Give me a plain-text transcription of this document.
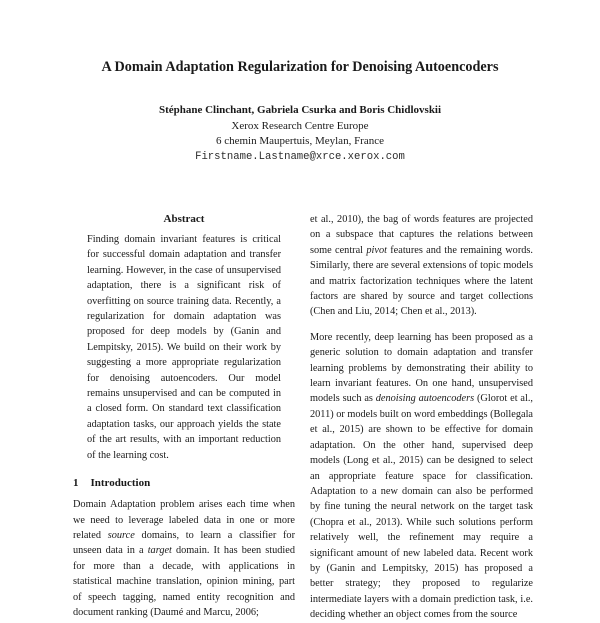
A Domain Adaptation Regularization for Denoising Autoencoders
Stéphane Clinchant, Gabriela Csurka and Boris Chidlovskii
Xerox Research Centre Europe
6 chemin Maupertuis, Meylan, France
Firstname.Lastname@xrce.xerox.com
Abstract

Finding domain invariant features is critical for successful domain adaptation and transfer learning. However, in the case of unsupervised adaptation, there is a significant risk of overfitting on source training data. Recently, a regularization for domain adaptation was proposed for deep models by (Ganin and Lempitsky, 2015). We build on their work by suggesting a more appropriate regularization for denoising autoencoders. Our model remains unsupervised and can be computed in a closed form. On standard text classification adaptation tasks, our approach yields the state of the art results, with an important reduction of the learning cost.

1 Introduction

Domain Adaptation problem arises each time when we need to leverage labeled data in one or more related source domains, to learn a classifier for unseen data in a target domain. It has been studied for more than a decade, with applications in statistical machine translation, opinion mining, part of speech tagging, named entity recognition and document ranking (Daumé and Marcu, 2006;

et al., 2010), the bag of words features are projected on a subspace that captures the relations between some central pivot features and the remaining words. Similarly, there are several extensions of topic models and matrix factorization techniques where the latent factors are shared by source and target collections (Chen and Liu, 2014; Chen et al., 2013).

More recently, deep learning has been proposed as a generic solution to domain adaptation and transfer learning problems by demonstrating their ability to learn invariant features. On one hand, unsupervised models such as denoising autoencoders (Glorot et al., 2011) or models built on word embeddings (Bollegala et al., 2015) are shown to be effective for domain adaptation. On the other hand, supervised deep models (Long et al., 2015) can be designed to select an appropriate feature space for classification. Adaptation to a new domain can also be performed by fine tuning the neural network on the target task (Chopra et al., 2013). While such solutions perform relatively well, the refinement may require a significant amount of new labeled data. Recent work by (Ganin and Lempitsky, 2015) has proposed a better strategy; they proposed to regularize intermediate layers with a domain prediction task, i.e. deciding whether an object comes from the source
